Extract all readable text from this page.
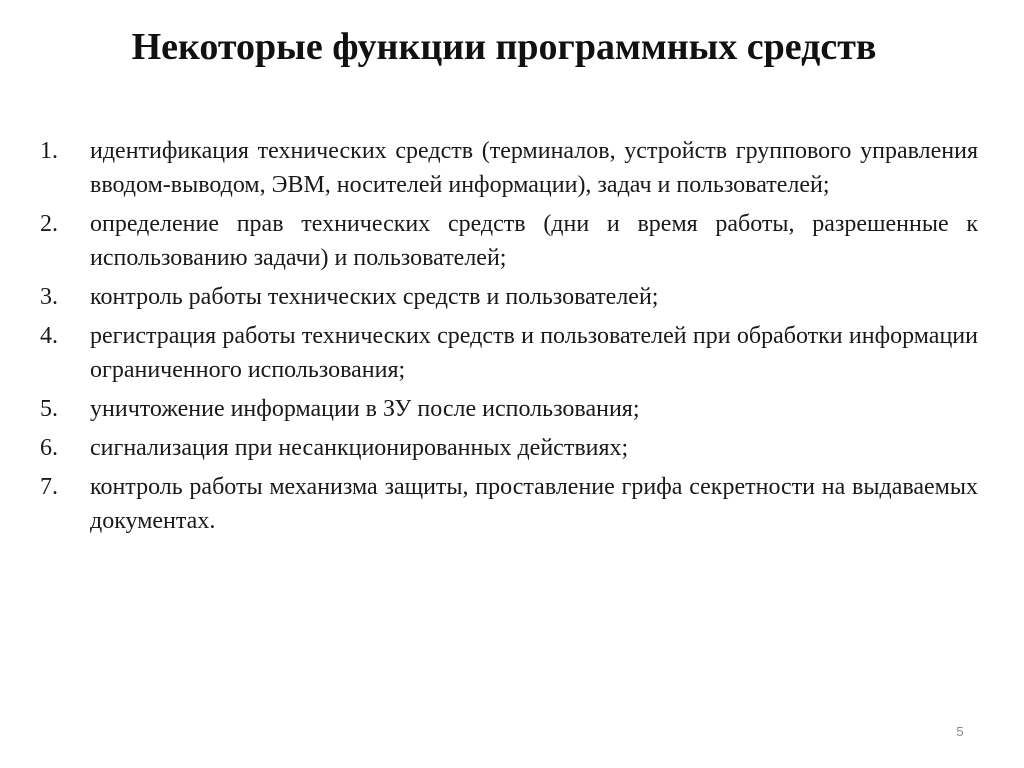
Некоторые функции программных средств
1.	идентификация технических средств (терминалов, устройств группового управления вводом-выводом, ЭВМ, носителей информации), задач и пользователей;
2.	определение прав технических средств (дни и время работы, разрешенные к использованию задачи) и пользователей;
3.	контроль работы технических средств и пользователей;
4.	регистрация работы технических средств и пользователей при обработки информации ограниченного использования;
5.	уничтожение информации в ЗУ после использования;
6.	сигнализация при несанкционированных действиях;
7.	контроль работы механизма защиты, проставление грифа секретности на выдаваемых документах.
5
